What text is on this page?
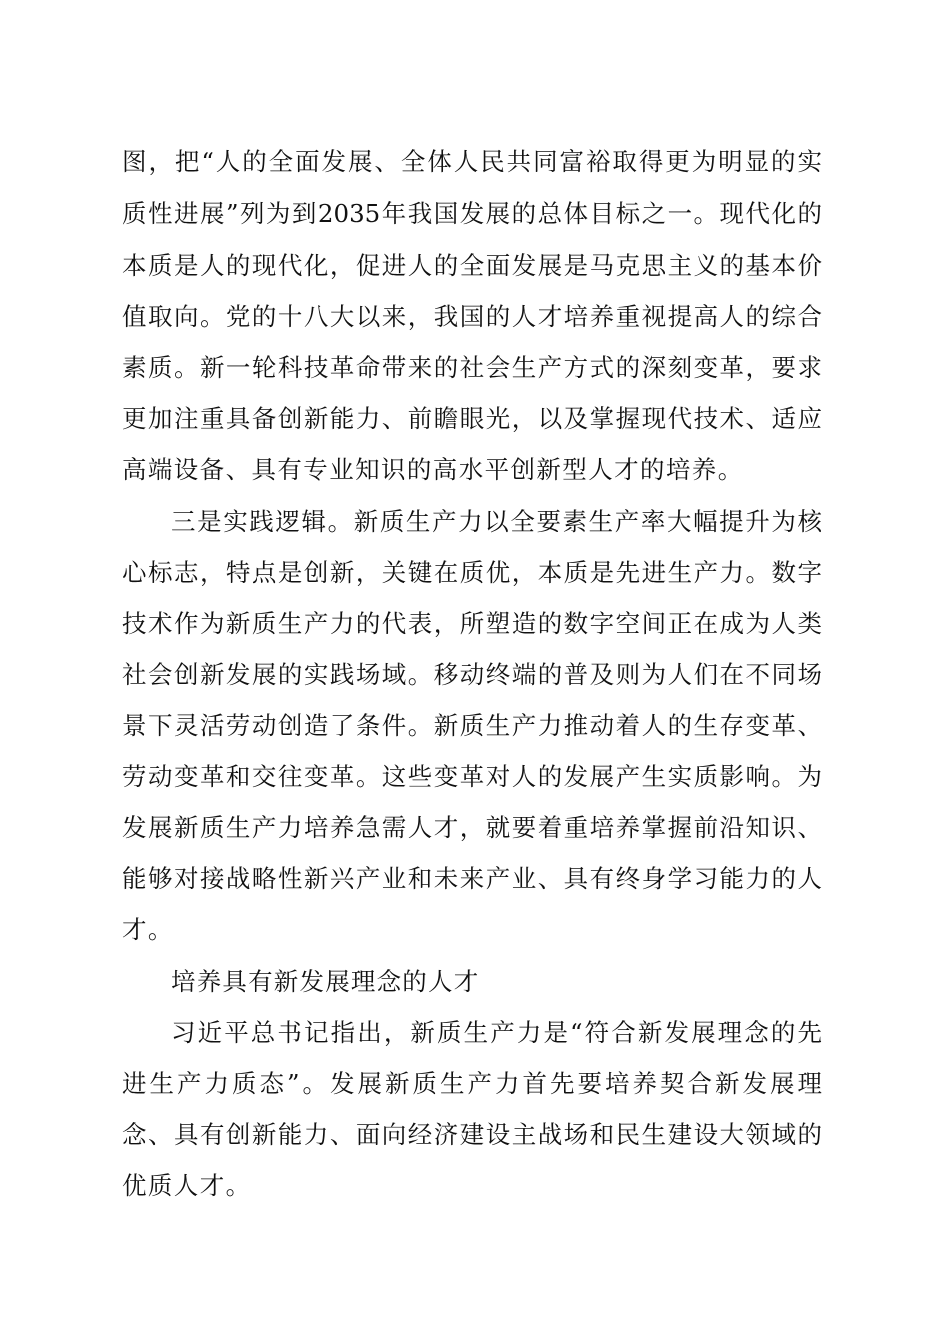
图，把“人的全面发展、全体人民共同富裕取得更为明显的实
质性进展”列为到2035年我国发展的总体目标之一。现代化的
本质是人的现代化，促进人的全面发展是马克思主义的基本价
值取向。党的十八大以来，我国的人才培养重视提高人的综合
素质。新一轮科技革命带来的社会生产方式的深刻变革，要求
更加注重具备创新能力、前瞻眼光，以及掌握现代技术、适应
高端设备、具有专业知识的高水平创新型人才的培养。
三是实践逻辑。新质生产力以全要素生产率大幅提升为核
心标志，特点是创新，关键在质优，本质是先进生产力。数字
技术作为新质生产力的代表，所塑造的数字空间正在成为人类
社会创新发展的实践场域。移动终端的普及则为人们在不同场
景下灵活劳动创造了条件。新质生产力推动着人的生存变革、
劳动变革和交往变革。这些变革对人的发展产生实质影响。为
发展新质生产力培养急需人才，就要着重培养掌握前沿知识、
能够对接战略性新兴产业和未来产业、具有终身学习能力的人
才。
培养具有新发展理念的人才
习近平总书记指出，新质生产力是“符合新发展理念的先
进生产力质态”。发展新质生产力首先要培养契合新发展理
念、具有创新能力、面向经济建设主战场和民生建设大领域的
优质人才。
